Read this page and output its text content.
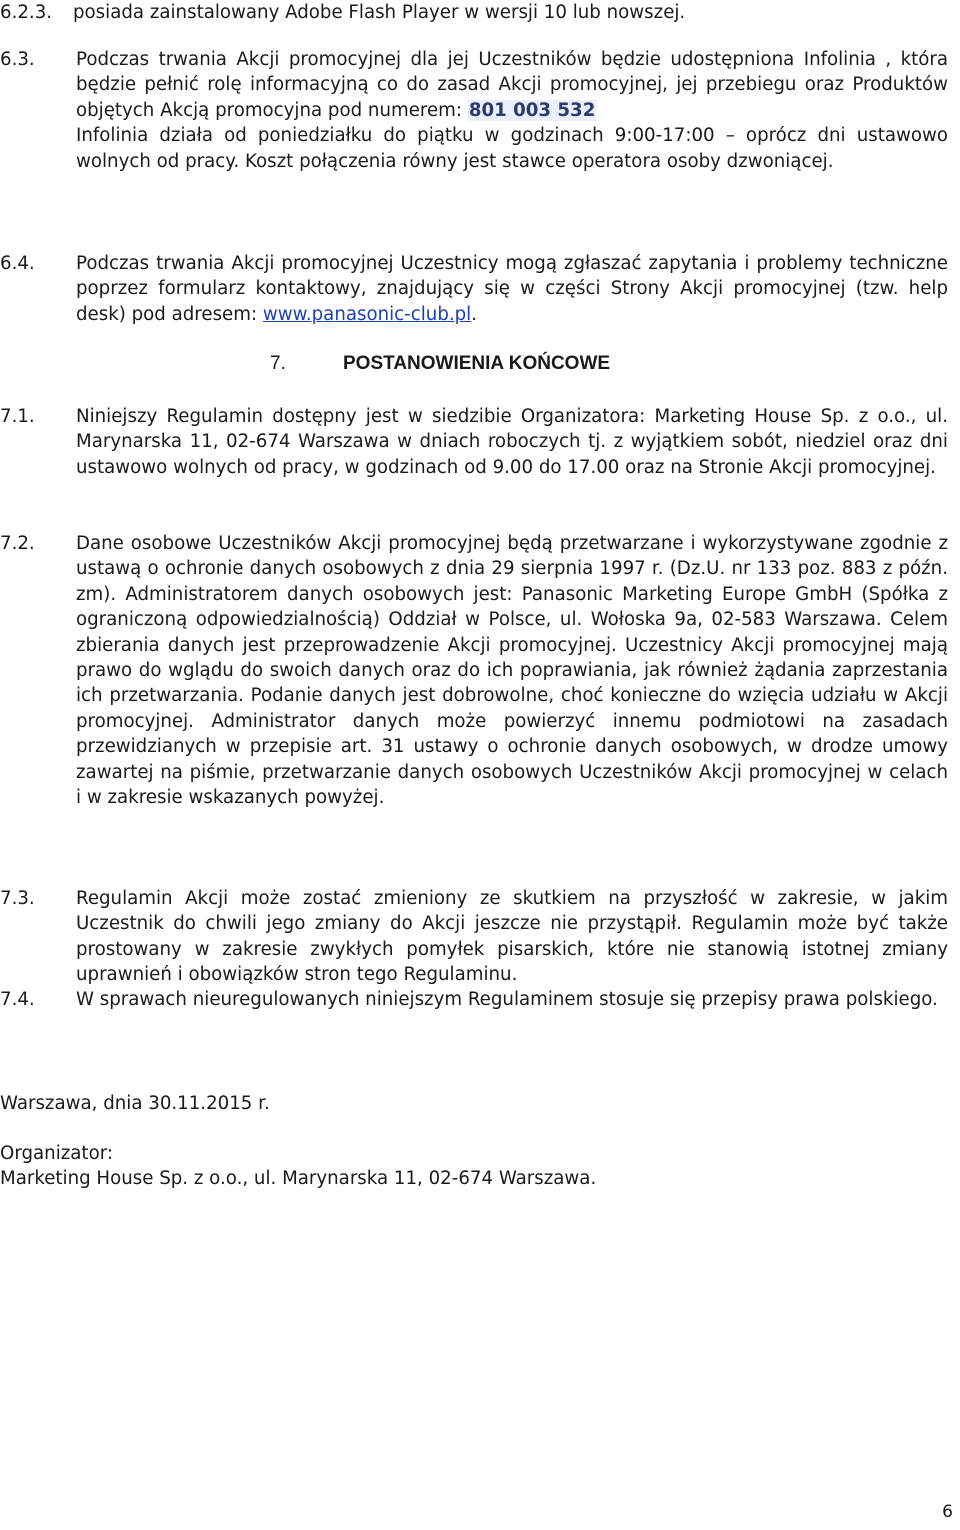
6.2.3. posiada zainstalowany Adobe Flash Player w wersji 10 lub nowszej.
6.3. Podczas trwania Akcji promocyjnej dla jej Uczestników będzie udostępniona Infolinia , która będzie pełnić rolę informacyjną co do zasad Akcji promocyjnej, jej przebiegu oraz Produktów objętych Akcją promocyjna pod numerem: 801 003 532

Infolinia działa od poniedziałku do piątku w godzinach 9:00-17:00 – oprócz dni ustawowo wolnych od pracy. Koszt połączenia równy jest stawce operatora osoby dzwoniącej.

6.4. Podczas trwania Akcji promocyjnej Uczestnicy mogą zgłaszać zapytania i problemy techniczne poprzez formularz kontaktowy, znajdujący się w części Strony Akcji promocyjnej (tzw. help desk) pod adresem: www.panasonic-club.pl.

7.	POSTANOWIENIA KOŃCOWE
7.1. Niniejszy Regulamin dostępny jest w siedzibie Organizatora: Marketing House Sp. z o.o., ul. Marynarska 11, 02-674 Warszawa w dniach roboczych tj. z wyjątkiem sobót, niedziel oraz dni ustawowo wolnych od pracy, w godzinach od 9.00 do 17.00 oraz na Stronie Akcji promocyjnej.

7.2. Dane osobowe Uczestników Akcji promocyjnej będą przetwarzane i wykorzystywane zgodnie z ustawą o ochronie danych osobowych z dnia 29 sierpnia 1997 r. (Dz.U. nr 133 poz. 883 z późn. zm). Administratorem danych osobowych jest: Panasonic Marketing Europe GmbH (Spółka z ograniczoną odpowiedzialnością) Oddział w Polsce, ul. Wołoska 9a, 02-583 Warszawa. Celem zbierania danych jest przeprowadzenie Akcji promocyjnej. Uczestnicy Akcji promocyjnej mają prawo do wglądu do swoich danych oraz do ich poprawiania, jak również żądania zaprzestania ich przetwarzania. Podanie danych jest dobrowolne, choć konieczne do wzięcia udziału w Akcji promocyjnej. Administrator danych może powierzyć innemu podmiotowi na zasadach przewidzianych w przepisie art. 31 ustawy o ochronie danych osobowych, w drodze umowy zawartej na piśmie, przetwarzanie danych osobowych Uczestników Akcji promocyjnej w celach i w zakresie wskazanych powyżej.

7.3. Regulamin Akcji może zostać zmieniony ze skutkiem na przyszłość w zakresie, w jakim Uczestnik do chwili jego zmiany do Akcji jeszcze nie przystąpił. Regulamin może być także prostowany w zakresie zwykłych pomyłek pisarskich, które nie stanowią istotnej zmiany uprawnień i obowiązków stron tego Regulaminu.

7.4. W sprawach nieuregulowanych niniejszym Regulaminem stosuje się przepisy prawa polskiego.

Warszawa, dnia 30.11.2015 r.
Organizator:
Marketing House Sp. z o.o., ul. Marynarska 11, 02-674 Warszawa.
6
